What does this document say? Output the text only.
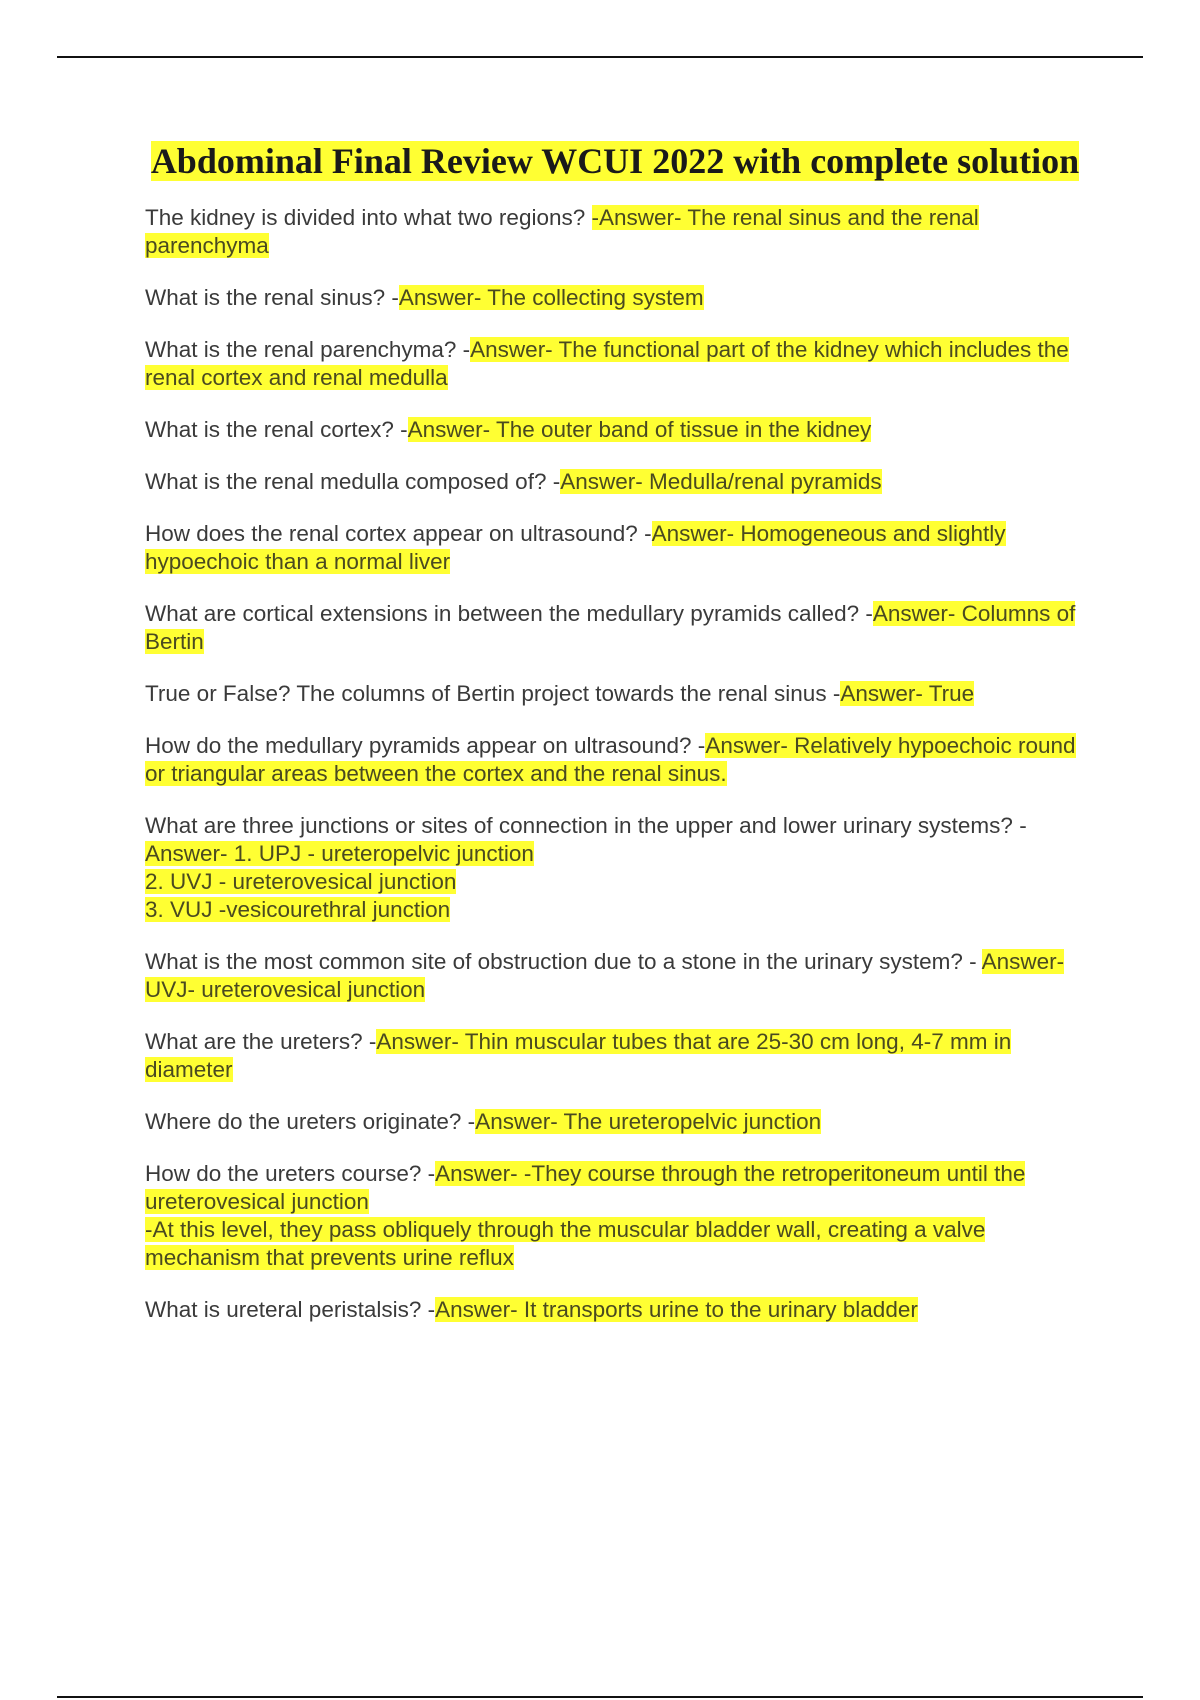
Abdominal Final Review WCUI 2022 with complete solution

The kidney is divided into what two regions? -Answer- The renal sinus and the renal parenchyma

What is the renal sinus? -Answer- The collecting system

What is the renal parenchyma? -Answer- The functional part of the kidney which includes the renal cortex and renal medulla

What is the renal cortex? -Answer- The outer band of tissue in the kidney

What is the renal medulla composed of? -Answer- Medulla/renal pyramids

How does the renal cortex appear on ultrasound? -Answer- Homogeneous and slightly hypoechoic than a normal liver

What are cortical extensions in between the medullary pyramids called? -Answer- Columns of Bertin

True or False? The columns of Bertin project towards the renal sinus -Answer- True

How do the medullary pyramids appear on ultrasound? -Answer- Relatively hypoechoic round or triangular areas between the cortex and the renal sinus.

What are three junctions or sites of connection in the upper and lower urinary systems? -Answer- 1. UPJ - ureteropelvic junction
2. UVJ - ureterovesical junction
3. VUJ -vesicourethral junction

What is the most common site of obstruction due to a stone in the urinary system? - Answer- UVJ- ureterovesical junction

What are the ureters? -Answer- Thin muscular tubes that are 25-30 cm long, 4-7 mm in diameter

Where do the ureters originate? -Answer- The ureteropelvic junction

How do the ureters course? -Answer- -They course through the retroperitoneum until the ureterovesical junction
-At this level, they pass obliquely through the muscular bladder wall, creating a valve mechanism that prevents urine reflux

What is ureteral peristalsis? -Answer- It transports urine to the urinary bladder
